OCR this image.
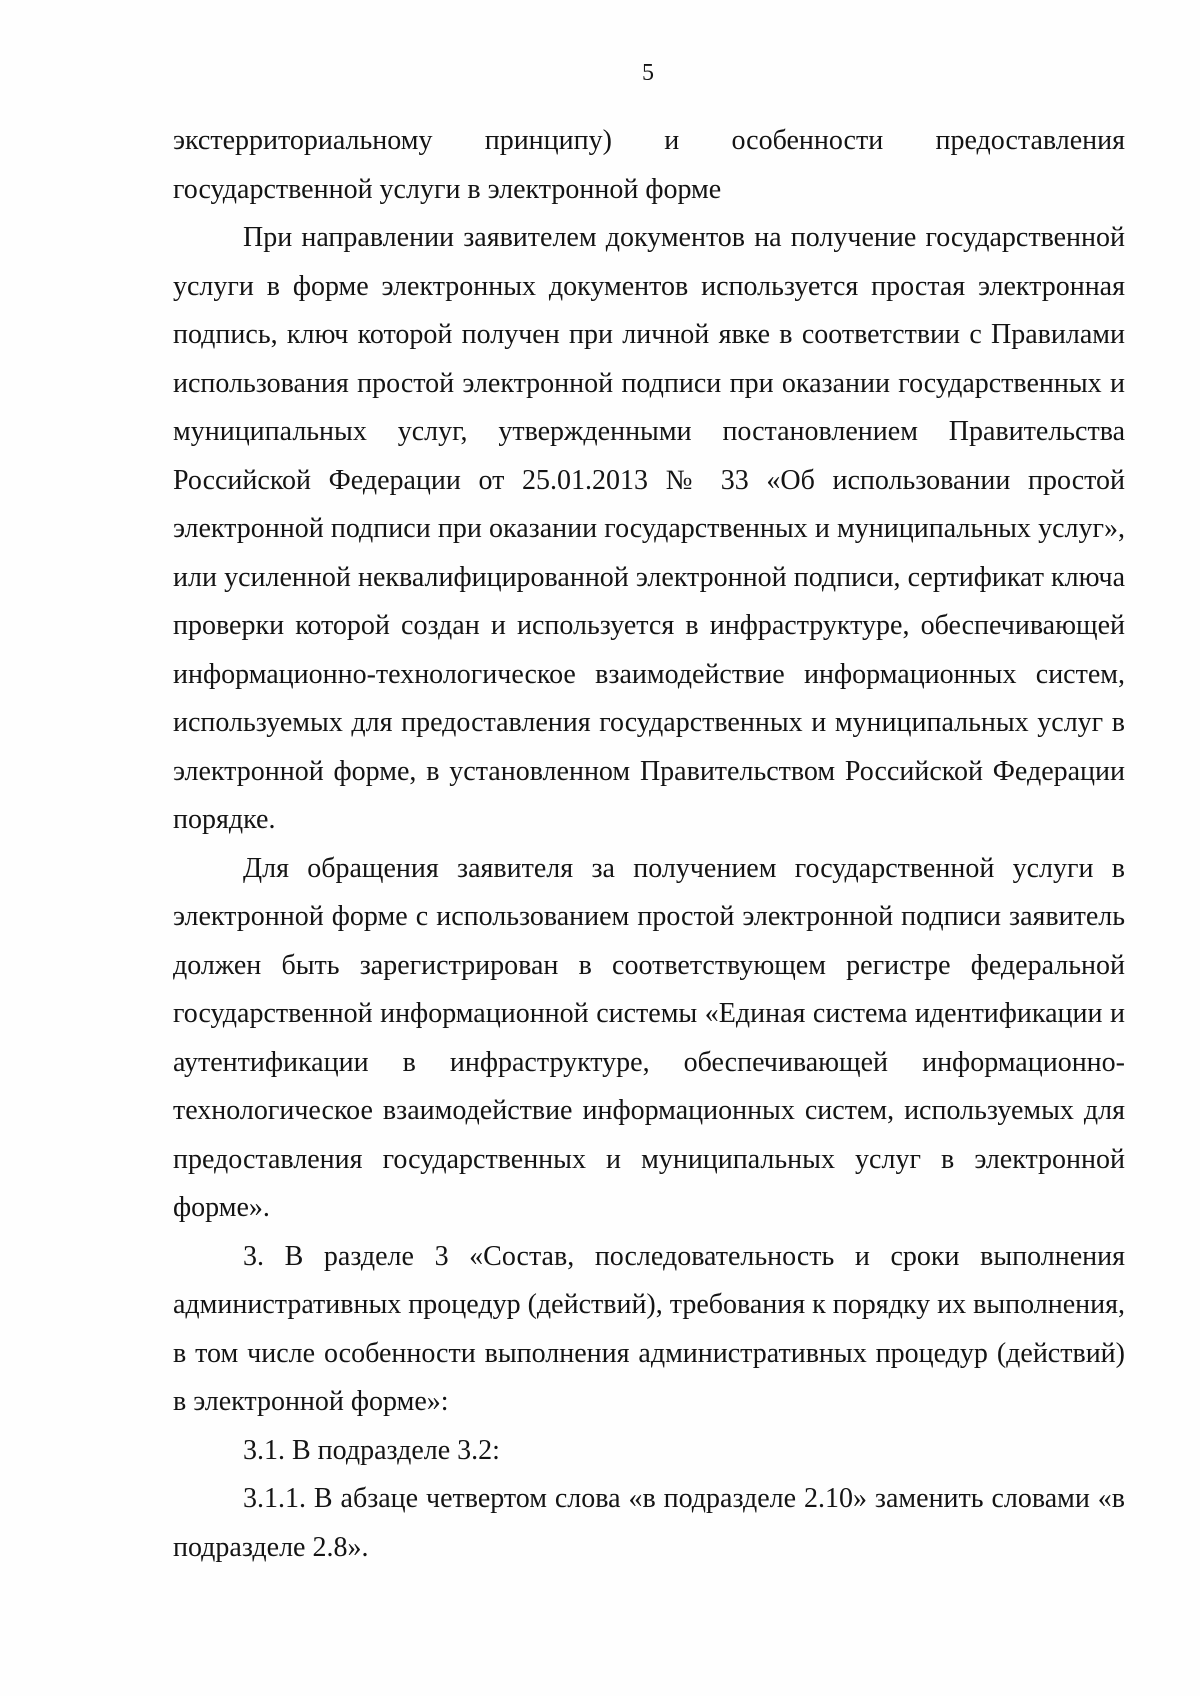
5

экстерриториальному принципу) и особенности предоставления государственной услуги в электронной форме

При направлении заявителем документов на получение государственной услуги в форме электронных документов используется простая электронная подпись, ключ которой получен при личной явке в соответствии с Правилами использования простой электронной подписи при оказании государственных и муниципальных услуг, утвержденными постановлением Правительства Российской Федерации от 25.01.2013 № 33 «Об использовании простой электронной подписи при оказании государственных и муниципальных услуг», или усиленной неквалифицированной электронной подписи, сертификат ключа проверки которой создан и используется в инфраструктуре, обеспечивающей информационно-технологическое взаимодействие информационных систем, используемых для предоставления государственных и муниципальных услуг в электронной форме, в установленном Правительством Российской Федерации порядке.

Для обращения заявителя за получением государственной услуги в электронной форме с использованием простой электронной подписи заявитель должен быть зарегистрирован в соответствующем регистре федеральной государственной информационной системы «Единая система идентификации и аутентификации в инфраструктуре, обеспечивающей информационно-технологическое взаимодействие информационных систем, используемых для предоставления государственных и муниципальных услуг в электронной форме».

3. В разделе 3 «Состав, последовательность и сроки выполнения административных процедур (действий), требования к порядку их выполнения, в том числе особенности выполнения административных процедур (действий) в электронной форме»:

3.1. В подразделе 3.2:

3.1.1. В абзаце четвертом слова «в подразделе 2.10» заменить словами «в подразделе 2.8».
